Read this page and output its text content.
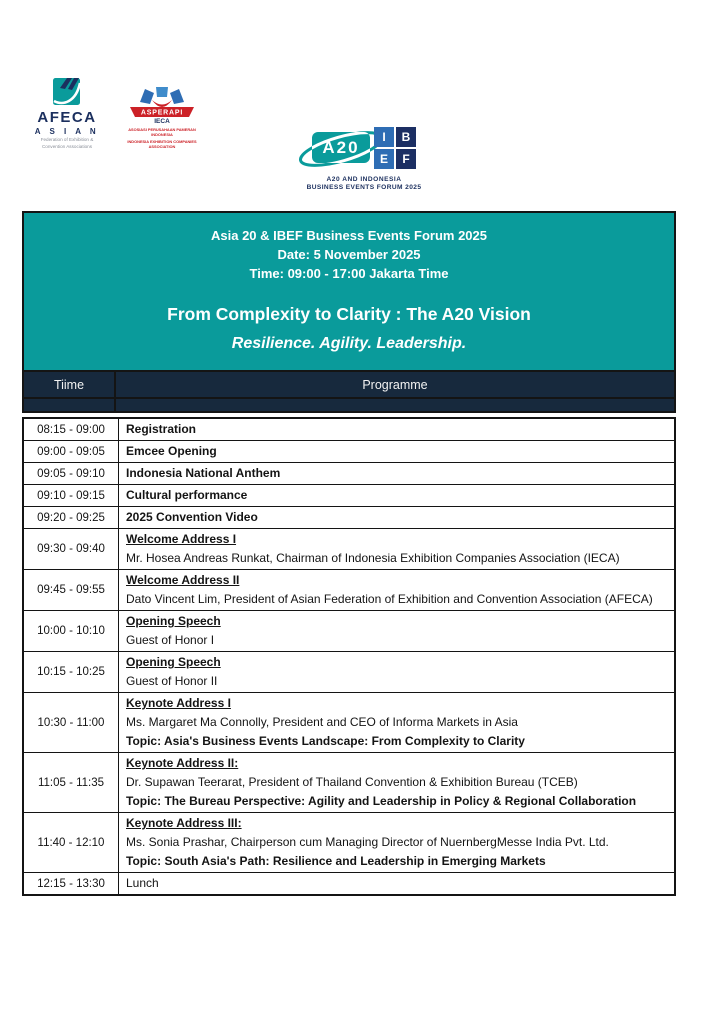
AFECA
A S I A N
Federation of Exhibition &
Convention Associations
ASPERAPI
IECA
ASOSIASI PERUSAHAAN PAMERAN INDONESIA
INDONESIA EXHIBITION COMPANIES ASSOCIATION	A20
I	B
E	F
A20 AND INDONESIA
BUSINESS EVENTS FORUM 2025
Asia 20 & IBEF Business Events Forum 2025
Date: 5 November 2025
Time: 09:00 - 17:00 Jakarta Time
From Complexity to Clarity : The A20 Vision
Resilience. Agility. Leadership.
Tiime	Programme
08:15 - 09:00	Registration

09:00 - 09:05	Emcee Opening

09:05 - 09:10	Indonesia National Anthem

09:10 - 09:15	Cultural performance

09:20 - 09:25	2025 Convention Video

09:30 - 09:40	Welcome Address I
Mr. Hosea Andreas Runkat, Chairman of Indonesia Exhibition Companies Association (IECA)

09:45 - 09:55	Welcome Address II
Dato Vincent Lim, President of Asian Federation of Exhibition and Convention Association (AFECA)

10:00 - 10:10	Opening Speech
Guest of Honor I

10:15 - 10:25	Opening Speech
Guest of Honor II

10:30 - 11:00	Keynote Address I
Ms. Margaret Ma Connolly, President and CEO of Informa Markets in Asia
Topic: Asia's Business Events Landscape: From Complexity to Clarity

11:05 - 11:35	Keynote Address II:
Dr. Supawan Teerarat, President of Thailand Convention & Exhibition Bureau (TCEB)
Topic: The Bureau Perspective: Agility and Leadership in Policy & Regional Collaboration

11:40 - 12:10	Keynote Address III:
Ms. Sonia Prashar, Chairperson cum Managing Director of NuernbergMesse India Pvt. Ltd.
Topic: South Asia's Path: Resilience and Leadership in Emerging Markets

12:15 - 13:30	Lunch
